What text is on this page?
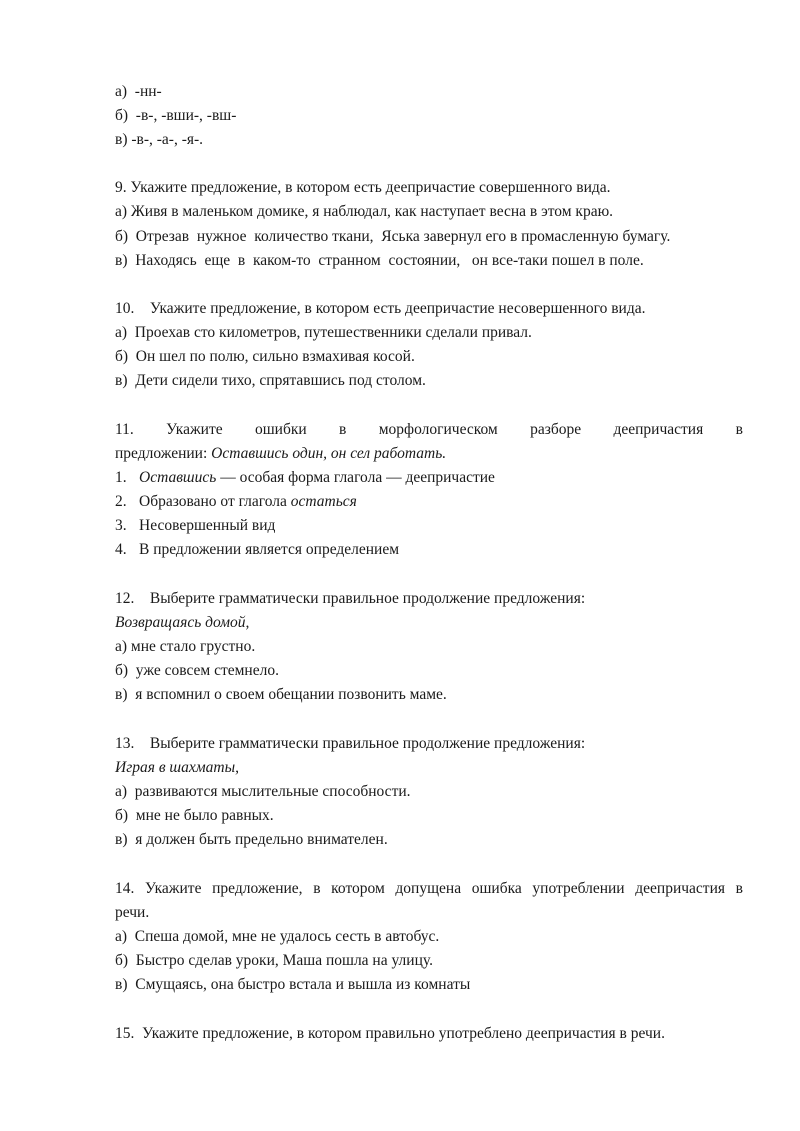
а)  -нн-
б)  -в-, -вши-, -вш-
в) -в-, -а-, -я-.
9. Укажите предложение, в котором есть деепричастие совершенного вида.
а) Живя в маленьком домике, я наблюдал, как наступает весна в этом краю.
б)  Отрезав  нужное  количество ткани,  Яська завернул его в промасленную бумагу.
в)  Находясь  еще  в  каком-то  странном  состоянии,   он все-таки пошел в поле.
10.    Укажите предложение, в котором есть деепричастие несовершенного вида.
а)  Проехав сто километров, путешественники сделали привал.
б)  Он шел по полю, сильно взмахивая косой.
в)  Дети сидели тихо, спрятавшись под столом.
11. Укажите ошибки в морфологическом разборе деепричастия в
предложении: Оставшись один, он сел работать.
1. Оставшись — особая форма глагола — деепричастие
2. Образовано от глагола остаться
3. Несовершенный вид
4. В предложении является определением
12.    Выберите грамматически правильное продолжение предложения:
Возвращаясь домой,
а) мне стало грустно.
б)  уже совсем стемнело.
в)  я вспомнил о своем обещании позвонить маме.
13.    Выберите грамматически правильное продолжение предложения:
Играя в шахматы,
а)  развиваются мыслительные способности.
б)  мне не было равных.
в)  я должен быть предельно внимателен.
14. Укажите предложение, в котором допущена ошибка употреблении деепричастия в
речи.
а)  Спеша домой, мне не удалось сесть в автобус.
б)  Быстро сделав уроки, Маша пошла на улицу.
в)  Смущаясь, она быстро встала и вышла из комнаты
15.  Укажите предложение, в котором правильно употреблено деепричастия в речи.
